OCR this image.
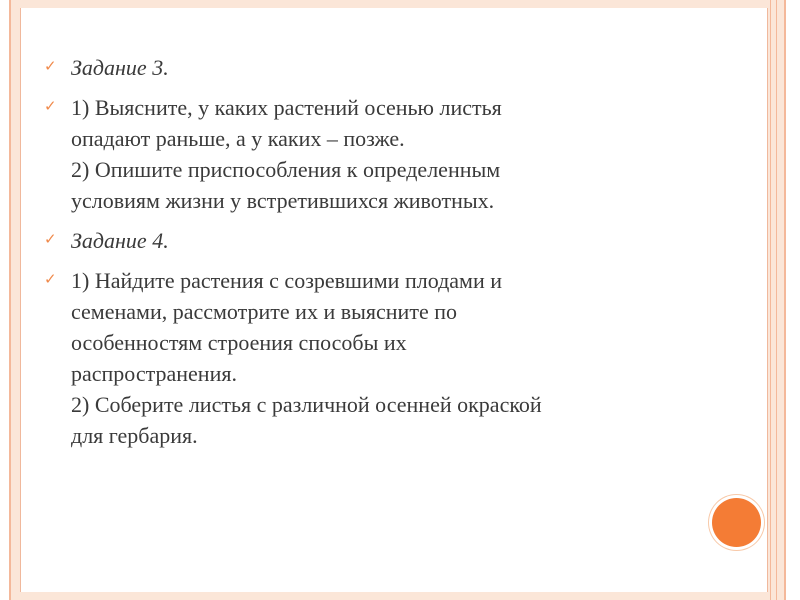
✓ Задание 3.
✓ 1) Выясните, у каких растений осенью листья
опадают раньше, а у каких – позже.
2) Опишите приспособления к определенным
условиям жизни у встретившихся животных.
✓ Задание 4.
✓ 1) Найдите растения с созревшими плодами и
семенами, рассмотрите их и выясните по
особенностям строения способы их
распространения.
2) Соберите листья с различной осенней окраской
для гербария.
